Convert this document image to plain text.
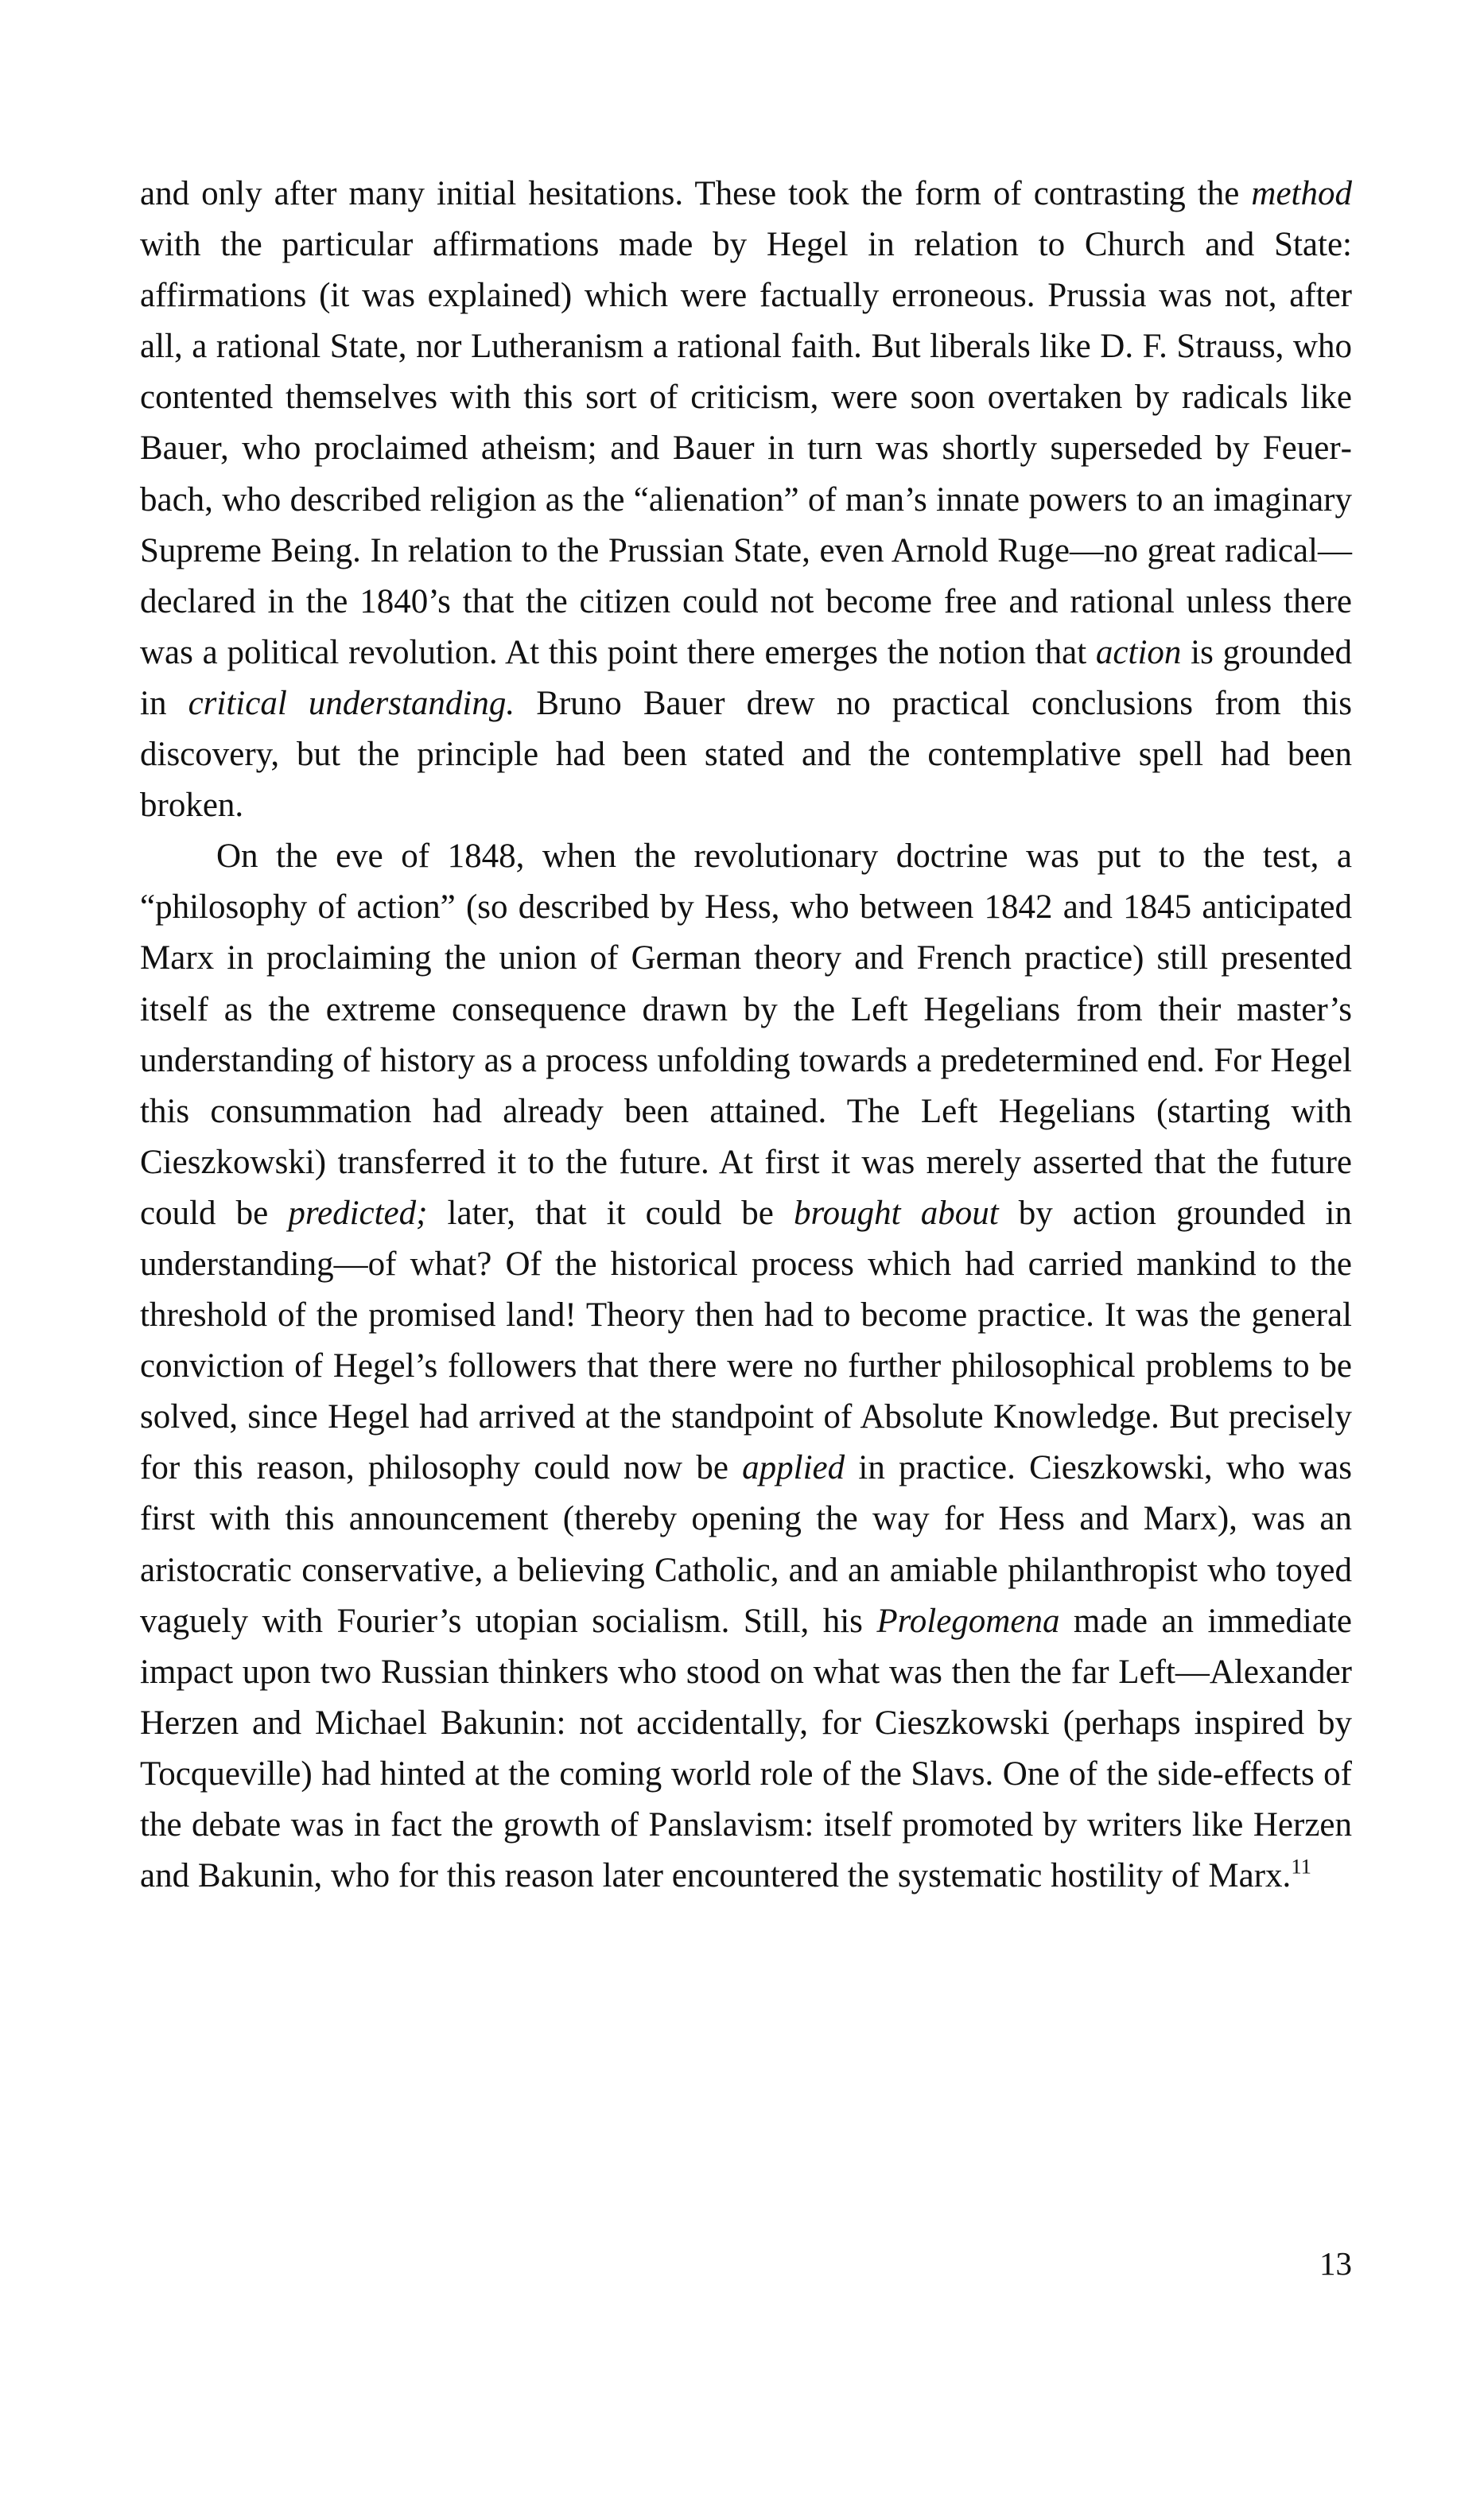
and only after many initial hesitations. These took the form of contrasting the method with the particular affirmations made by Hegel in relation to Church and State: affirmations (it was explained) which were factually erroneous. Prussia was not, after all, a rational State, nor Lutheranism a rational faith. But liberals like D. F. Strauss, who contented themselves with this sort of criticism, were soon overtaken by radicals like Bauer, who proclaimed atheism; and Bauer in turn was shortly superseded by Feuerbach, who described religion as the “alienation” of man’s innate powers to an imaginary Supreme Being. In relation to the Prussian State, even Arnold Ruge—no great radical—declared in the 1840’s that the citizen could not become free and rational unless there was a political revolution. At this point there emerges the notion that action is grounded in critical understanding. Bruno Bauer drew no practical conclusions from this discovery, but the principle had been stated and the contemplative spell had been broken.

On the eve of 1848, when the revolutionary doctrine was put to the test, a “philosophy of action” (so described by Hess, who between 1842 and 1845 anticipated Marx in proclaiming the union of German theory and French practice) still presented itself as the extreme consequence drawn by the Left Hegelians from their master’s understanding of history as a process unfolding towards a predetermined end. For Hegel this consummation had already been attained. The Left Hegelians (starting with Cieszkowski) transferred it to the future. At first it was merely asserted that the future could be predicted; later, that it could be brought about by action grounded in understanding—of what? Of the historical process which had carried mankind to the threshold of the promised land! Theory then had to become practice. It was the general conviction of Hegel’s followers that there were no further philosophical problems to be solved, since Hegel had arrived at the standpoint of Absolute Knowledge. But precisely for this reason, philosophy could now be applied in practice. Cieszkowski, who was first with this announcement (thereby opening the way for Hess and Marx), was an aristocratic conservative, a believing Catholic, and an amiable philanthropist who toyed vaguely with Fourier’s utopian socialism. Still, his Prolegomena made an immediate impact upon two Russian thinkers who stood on what was then the far Left—Alexander Herzen and Michael Bakunin: not accidentally, for Cieszkowski (perhaps inspired by Tocqueville) had hinted at the coming world role of the Slavs. One of the side-effects of the debate was in fact the growth of Panslavism: itself promoted by writers like Herzen and Bakunin, who for this reason later encountered the systematic hostility of Marx.$^{11}$

13
